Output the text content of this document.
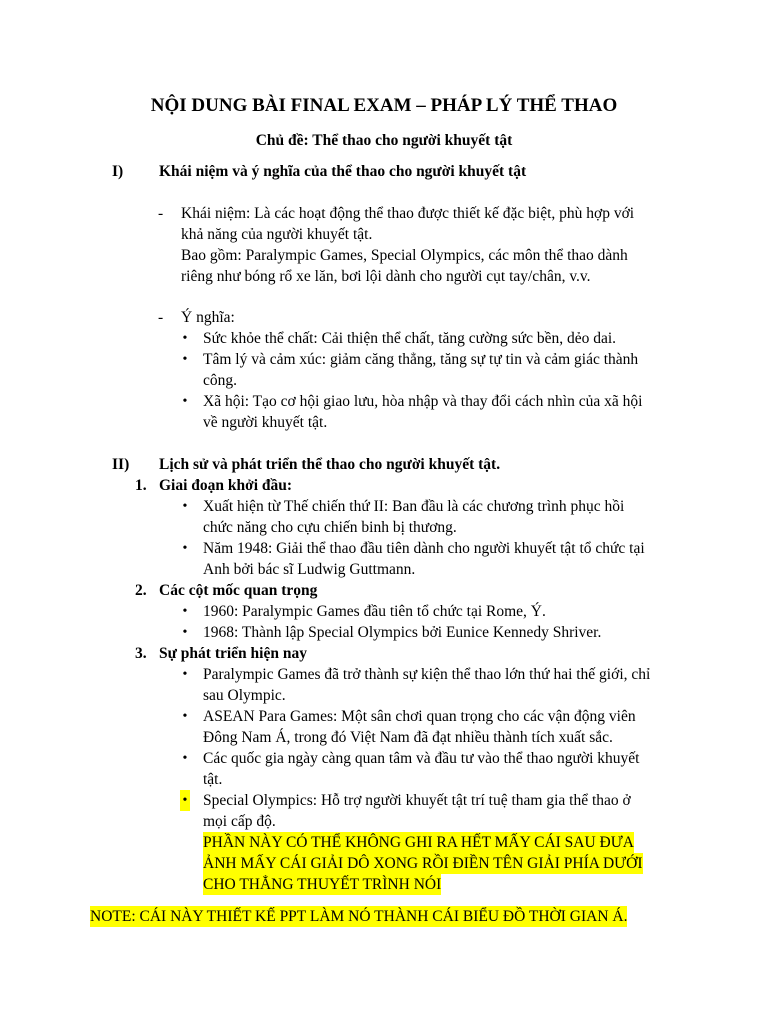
NỘI DUNG BÀI FINAL EXAM – PHÁP LÝ THỂ THAO
Chủ đề: Thể thao cho người khuyết tật
I) Khái niệm và ý nghĩa của thể thao cho người khuyết tật
- Khái niệm: Là các hoạt động thể thao được thiết kế đặc biệt, phù hợp với
khả năng của người khuyết tật.
Bao gồm: Paralympic Games, Special Olympics, các môn thể thao dành
riêng như bóng rổ xe lăn, bơi lội dành cho người cụt tay/chân, v.v.
- Ý nghĩa:
• Sức khỏe thể chất: Cải thiện thể chất, tăng cường sức bền, dẻo dai.
• Tâm lý và cảm xúc: giảm căng thẳng, tăng sự tự tin và cảm giác thành
công.
• Xã hội: Tạo cơ hội giao lưu, hòa nhập và thay đổi cách nhìn của xã hội
về người khuyết tật.
II) Lịch sử và phát triển thể thao cho người khuyết tật.
1. Giai đoạn khởi đầu:
• Xuất hiện từ Thế chiến thứ II: Ban đầu là các chương trình phục hồi
chức năng cho cựu chiến binh bị thương.
• Năm 1948: Giải thể thao đầu tiên dành cho người khuyết tật tổ chức tại
Anh bởi bác sĩ Ludwig Guttmann.
2. Các cột mốc quan trọng
• 1960: Paralympic Games đầu tiên tổ chức tại Rome, Ý.
• 1968: Thành lập Special Olympics bởi Eunice Kennedy Shriver.
3. Sự phát triển hiện nay
• Paralympic Games đã trở thành sự kiện thể thao lớn thứ hai thế giới, chỉ
sau Olympic.
• ASEAN Para Games: Một sân chơi quan trọng cho các vận động viên
Đông Nam Á, trong đó Việt Nam đã đạt nhiều thành tích xuất sắc.
• Các quốc gia ngày càng quan tâm và đầu tư vào thể thao người khuyết
tật.
• Special Olympics: Hỗ trợ người khuyết tật trí tuệ tham gia thể thao ở
mọi cấp độ.
PHẦN NÀY CÓ THỂ KHÔNG GHI RA HẾT MẤY CÁI SAU ĐƯA
ẢNH MẤY CÁI GIẢI DÔ XONG RỒI ĐIỀN TÊN GIẢI PHÍA DƯỚI
CHO THẲNG THUYẾT TRÌNH NÓI
NOTE: CÁI NÀY THIẾT KẾ PPT LÀM NÓ THÀNH CÁI BIỂU ĐỒ THỜI GIAN Á.
